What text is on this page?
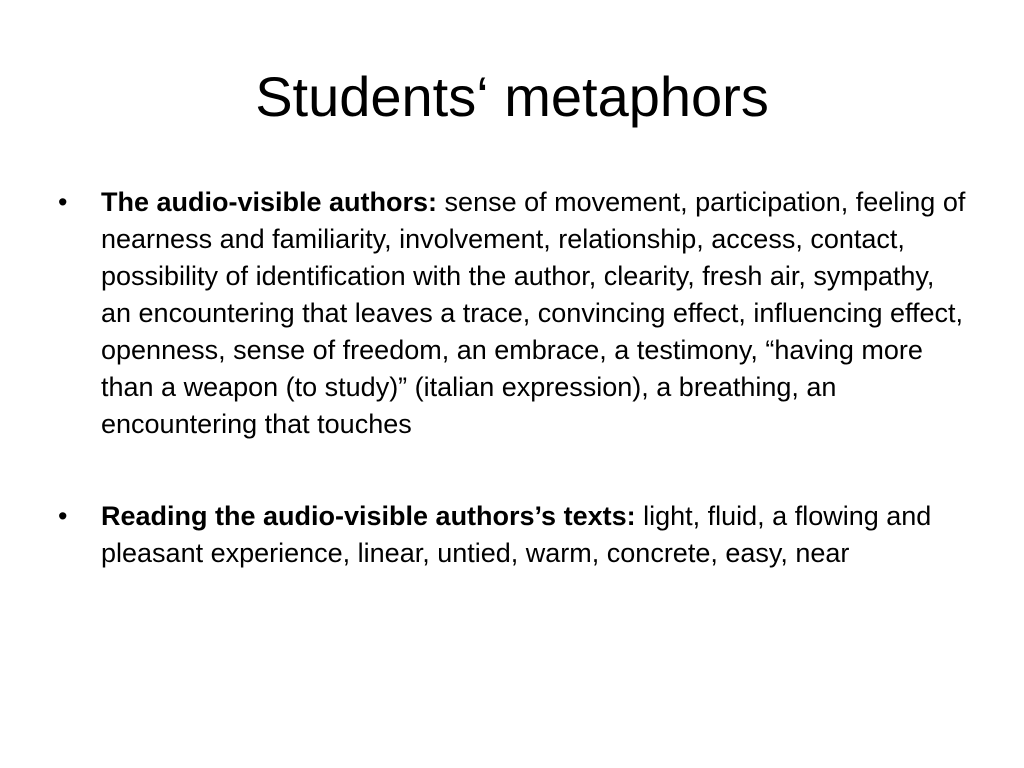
Students‘ metaphors
• The audio-visible authors: sense of movement, participation, feeling of nearness and familiarity, involvement, relationship, access, contact, possibility of identification with the author, clearity, fresh air, sympathy, an encountering that leaves a trace, convincing effect, influencing effect, openness, sense of freedom, an embrace, a testimony, “having more than a weapon (to study)” (italian expression), a breathing, an encountering that touches
• Reading the audio-visible authors’s texts: light, fluid, a flowing and pleasant experience, linear, untied, warm, concrete, easy, near
